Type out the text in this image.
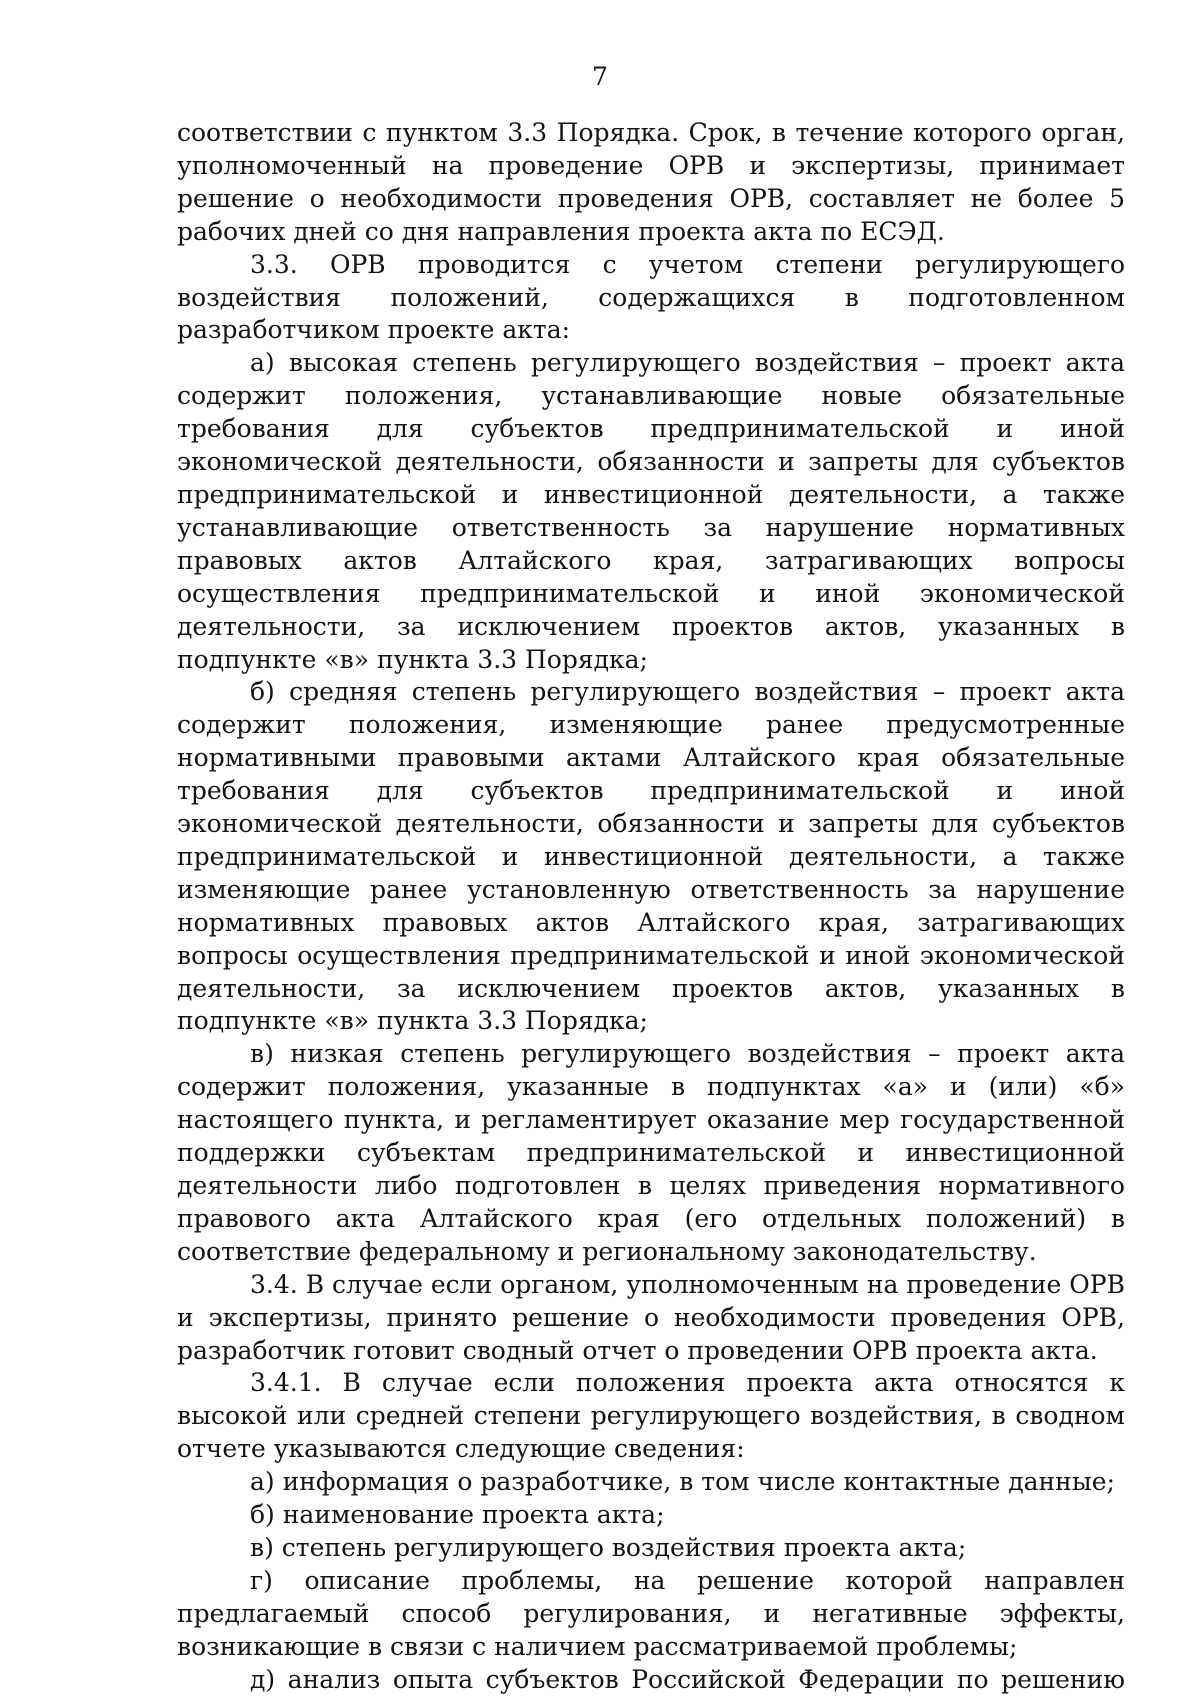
7

соответствии с пунктом 3.3 Порядка. Срок, в течение которого орган, уполномоченный на проведение ОРВ и экспертизы, принимает решение о необходимости проведения ОРВ, составляет не более 5 рабочих дней со дня направления проекта акта по ЕСЭД.

3.3. ОРВ проводится с учетом степени регулирующего воздействия положений, содержащихся в подготовленном разработчиком проекте акта:

а) высокая степень регулирующего воздействия – проект акта содержит положения, устанавливающие новые обязательные требования для субъектов предпринимательской и иной экономической деятельности, обязанности и запреты для субъектов предпринимательской и инвестиционной деятельности, а также устанавливающие ответственность за нарушение нормативных правовых актов Алтайского края, затрагивающих вопросы осуществления предпринимательской и иной экономической деятельности, за исключением проектов актов, указанных в подпункте «в» пункта 3.3 Порядка;

б) средняя степень регулирующего воздействия – проект акта содержит положения, изменяющие ранее предусмотренные нормативными правовыми актами Алтайского края обязательные требования для субъектов предпринимательской и иной экономической деятельности, обязанности и запреты для субъектов предпринимательской и инвестиционной деятельности, а также изменяющие ранее установленную ответственность за нарушение нормативных правовых актов Алтайского края, затрагивающих вопросы осуществления предпринимательской и иной экономической деятельности, за исключением проектов актов, указанных в подпункте «в» пункта 3.3 Порядка;

в) низкая степень регулирующего воздействия – проект акта содержит положения, указанные в подпунктах «а» и (или) «б» настоящего пункта, и регламентирует оказание мер государственной поддержки субъектам предпринимательской и инвестиционной деятельности либо подготовлен в целях приведения нормативного правового акта Алтайского края (его отдельных положений) в соответствие федеральному и региональному законодательству.

3.4. В случае если органом, уполномоченным на проведение ОРВ и экспертизы, принято решение о необходимости проведения ОРВ, разработчик готовит сводный отчет о проведении ОРВ проекта акта.

3.4.1. В случае если положения проекта акта относятся к высокой или средней степени регулирующего воздействия, в сводном отчете указываются следующие сведения:

а) информация о разработчике, в том числе контактные данные;

б) наименование проекта акта;

в) степень регулирующего воздействия проекта акта;

г) описание проблемы, на решение которой направлен предлагаемый способ регулирования, и негативные эффекты, возникающие в связи с наличием рассматриваемой проблемы;

д) анализ опыта субъектов Российской Федерации по решению
